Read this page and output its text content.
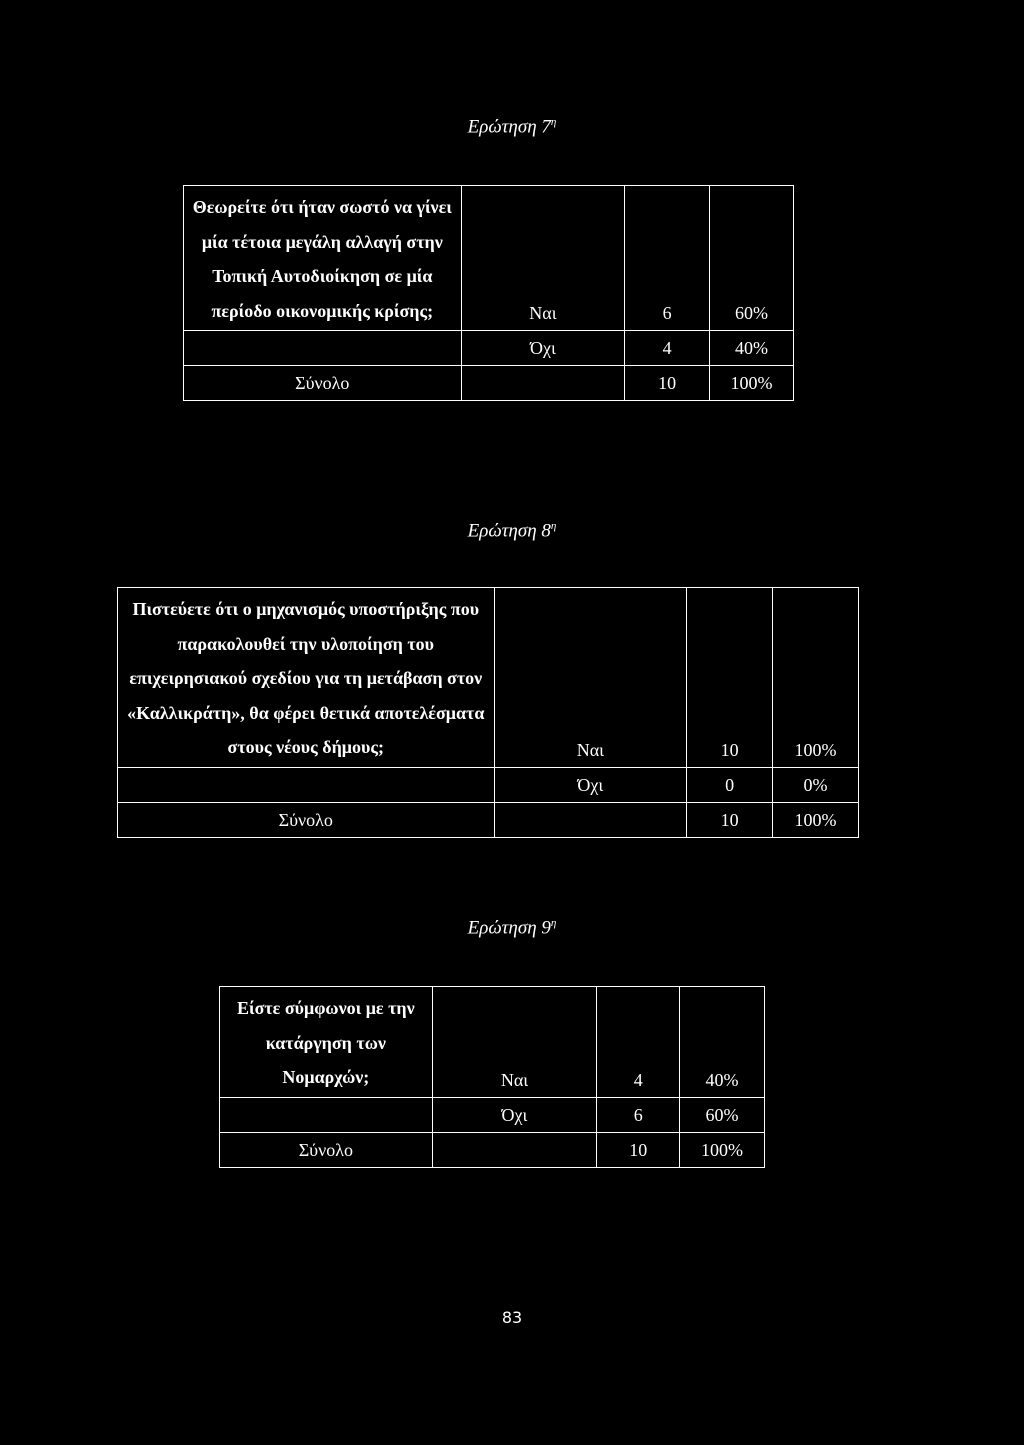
Ερώτηση $7^\eta$
Θεωρείτε ότι ήταν σωστό να γίνει μία τέτοια μεγάλη αλλαγή στην Τοπική Αυτοδιοίκηση σε μία περίοδο οικονομικής κρίσης;	Ναι	6	60%
	Όχι	4	40%
Σύνολο		10	100%
Ερώτηση $8^\eta$
Πιστεύετε ότι ο μηχανισμός υποστήριξης που παρακολουθεί την υλοποίηση του επιχειρησιακού σχεδίου για τη μετάβαση στον «Καλλικράτη», θα φέρει θετικά αποτελέσματα στους νέους δήμους;	Ναι	10	100%
	Όχι	0	0%
Σύνολο		10	100%
Ερώτηση $9^\eta$
Είστε σύμφωνοι με την κατάργηση των Νομαρχών;	Ναι	4	40%
	Όχι	6	60%
Σύνολο		10	100%
83
